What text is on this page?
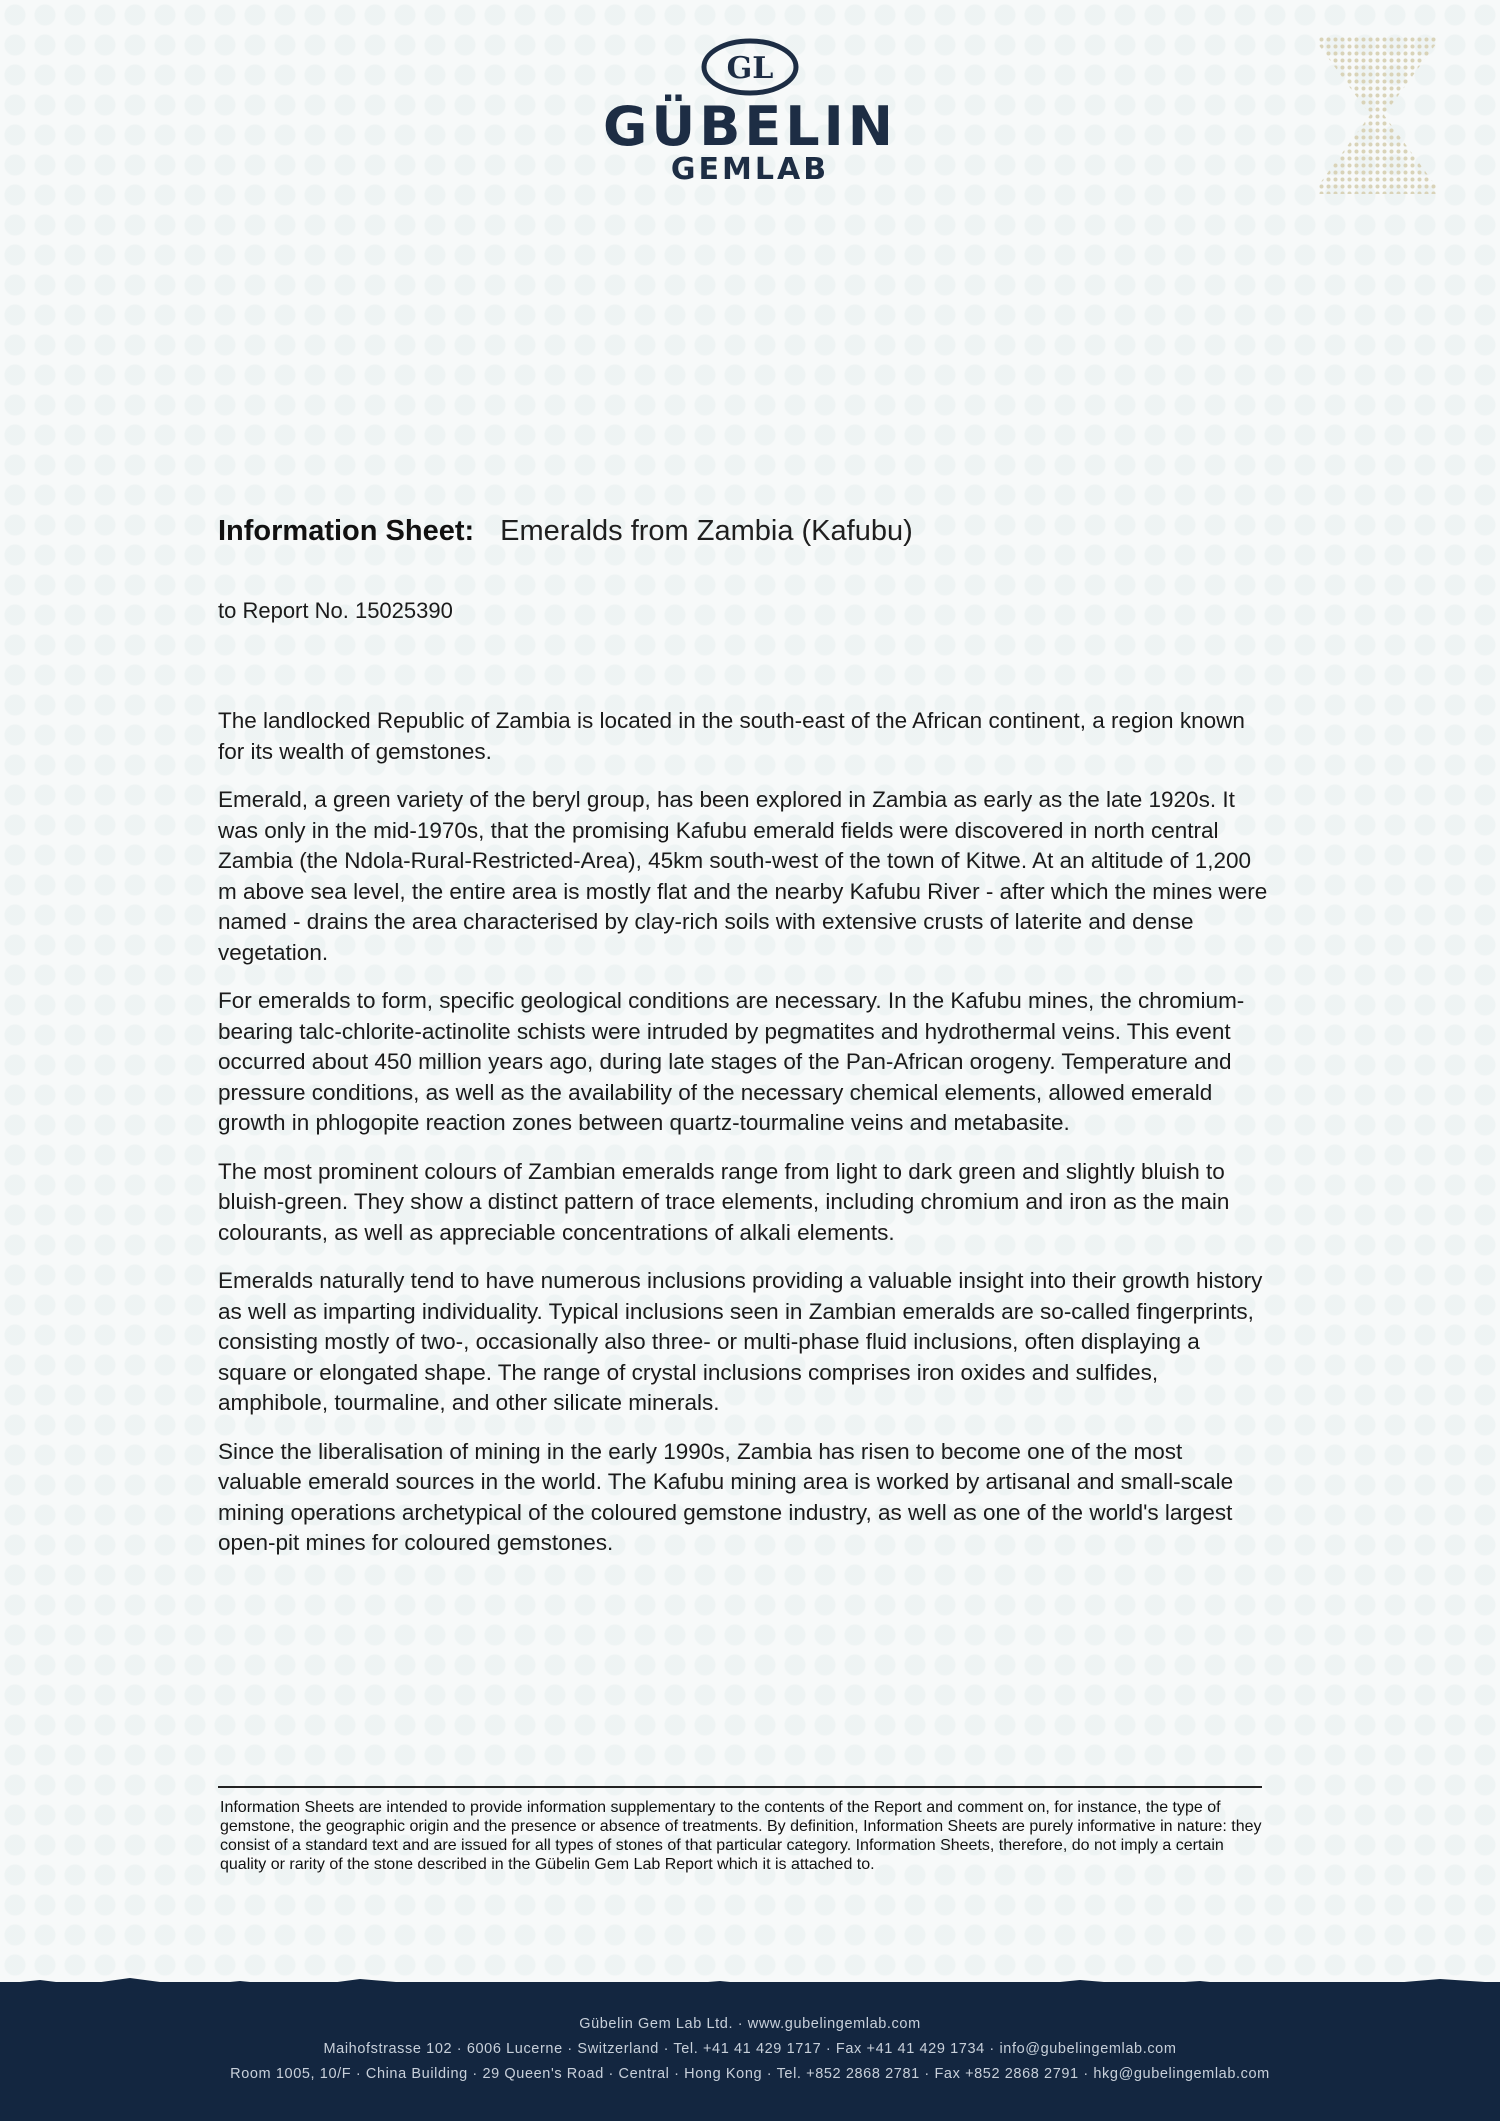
GL
GÜBELIN
GEMLAB
Information Sheet: Emeralds from Zambia (Kafubu)
to Report No. 15025390

The landlocked Republic of Zambia is located in the south-east of the African continent, a region known for its wealth of gemstones.

Emerald, a green variety of the beryl group, has been explored in Zambia as early as the late 1920s. It was only in the mid-1970s, that the promising Kafubu emerald fields were discovered in north central Zambia (the Ndola-Rural-Restricted-Area), 45km south-west of the town of Kitwe. At an altitude of 1,200 m above sea level, the entire area is mostly flat and the nearby Kafubu River - after which the mines were named - drains the area characterised by clay-rich soils with extensive crusts of laterite and dense vegetation.

For emeralds to form, specific geological conditions are necessary. In the Kafubu mines, the chromium-bearing talc-chlorite-actinolite schists were intruded by pegmatites and hydrothermal veins. This event occurred about 450 million years ago, during late stages of the Pan-African orogeny. Temperature and pressure conditions, as well as the availability of the necessary chemical elements, allowed emerald growth in phlogopite reaction zones between quartz-tourmaline veins and metabasite.

The most prominent colours of Zambian emeralds range from light to dark green and slightly bluish to bluish-green. They show a distinct pattern of trace elements, including chromium and iron as the main colourants, as well as appreciable concentrations of alkali elements.

Emeralds naturally tend to have numerous inclusions providing a valuable insight into their growth history as well as imparting individuality. Typical inclusions seen in Zambian emeralds are so-called fingerprints, consisting mostly of two-, occasionally also three- or multi-phase fluid inclusions, often displaying a square or elongated shape. The range of crystal inclusions comprises iron oxides and sulfides, amphibole, tourmaline, and other silicate minerals.

Since the liberalisation of mining in the early 1990s, Zambia has risen to become one of the most valuable emerald sources in the world. The Kafubu mining area is worked by artisanal and small-scale mining operations archetypical of the coloured gemstone industry, as well as one of the world's largest open-pit mines for coloured gemstones.

Information Sheets are intended to provide information supplementary to the contents of the Report and comment on, for instance, the type of gemstone, the geographic origin and the presence or absence of treatments. By definition, Information Sheets are purely informative in nature: they consist of a standard text and are issued for all types of stones of that particular category. Information Sheets, therefore, do not imply a certain quality or rarity of the stone described in the Gübelin Gem Lab Report which it is attached to.
Gübelin Gem Lab Ltd. · www.gubelingemlab.com
Maihofstrasse 102 · 6006 Lucerne · Switzerland · Tel. +41 41 429 1717 · Fax +41 41 429 1734 · info@gubelingemlab.com
Room 1005, 10/F · China Building · 29 Queen's Road · Central · Hong Kong · Tel. +852 2868 2781 · Fax +852 2868 2791 · hkg@gubelingemlab.com
